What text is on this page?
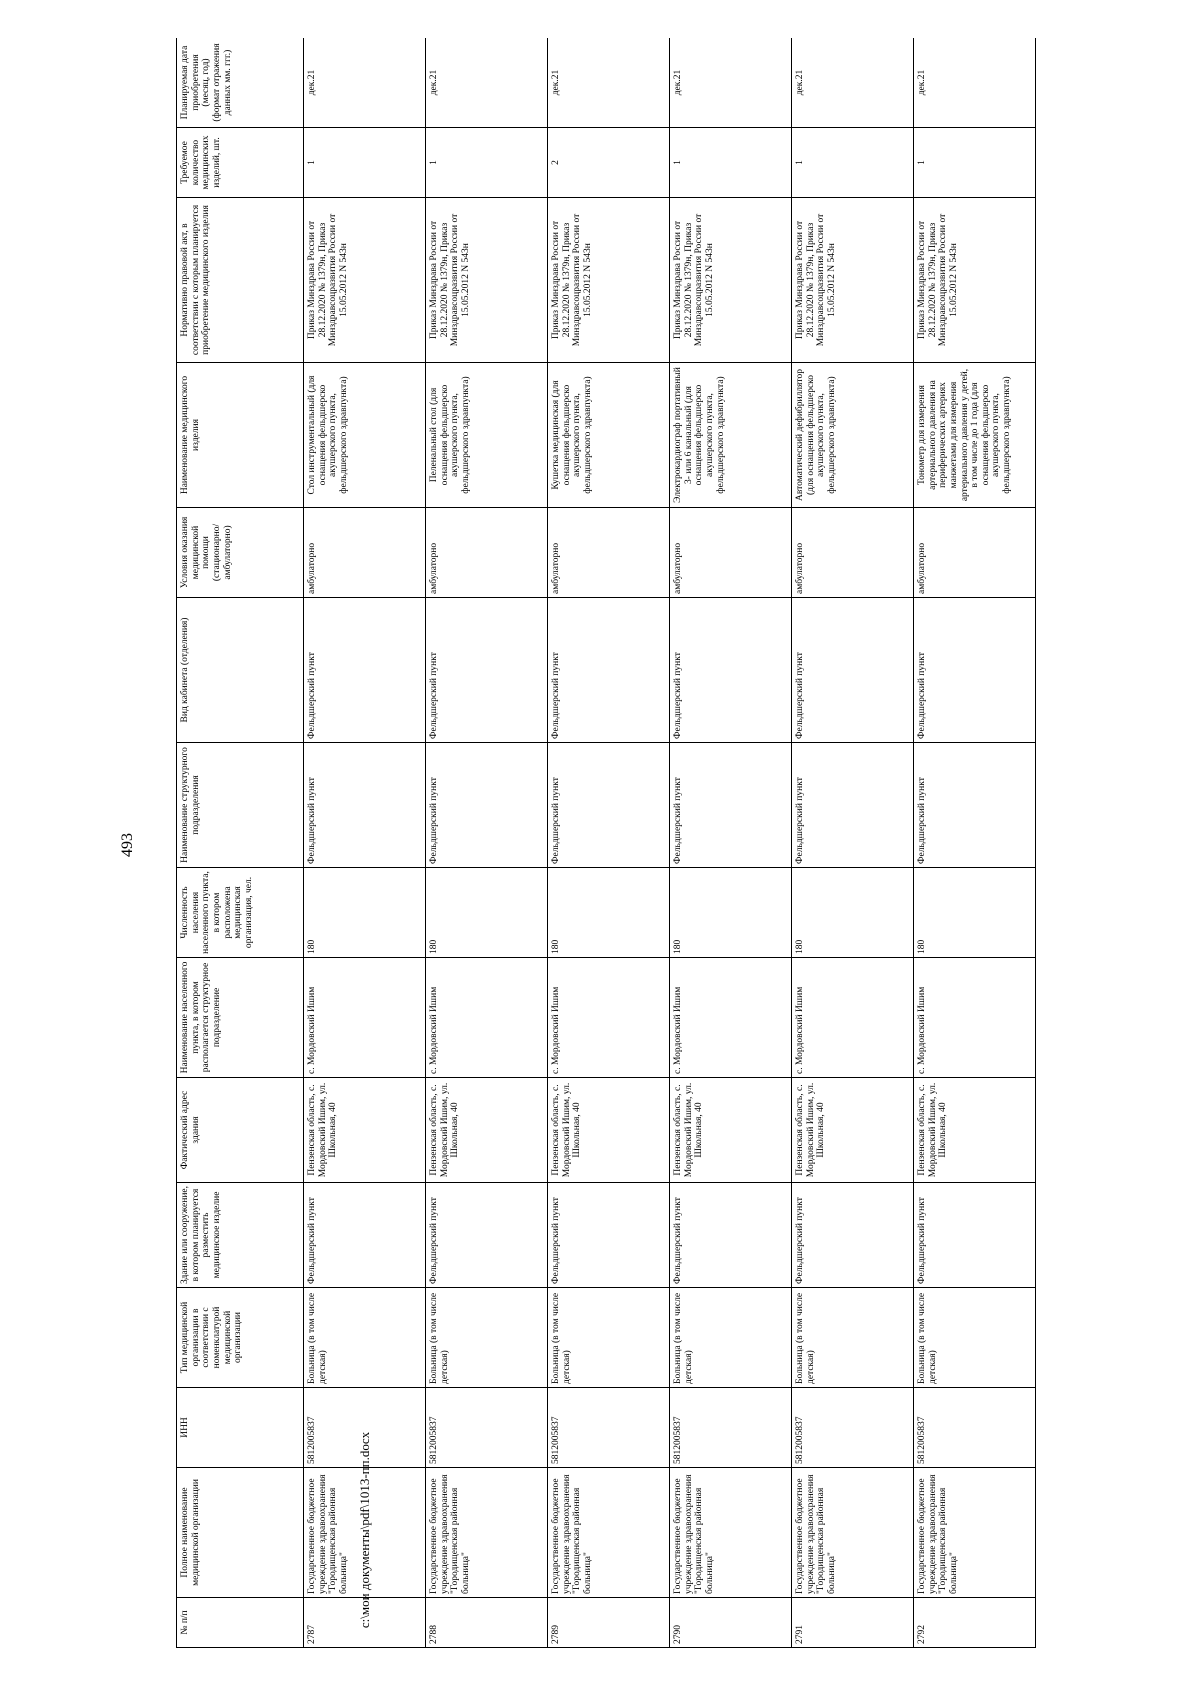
493
№ п/п	Полное наименование медицинской организации	ИНН	Тип медицинской организации в соответствии с номенклатурой медицинской организации	Здание или сооружение, в котором планируется разместить медицинское изделие	Фактический адрес здания	Наименование населенного пункта, в котором располагается структурное подразделение	Численность населения населенного пункта, в котором расположена медицинская организация, чел.	Наименование структурного подразделения	Вид кабинета (отделения)	Условия оказания медицинской помощи (стационарно/ амбулаторно)	Наименование медицинского изделия	Нормативно правовой акт, в соответствии с которым планируется приобретение медицинского изделия	Требуемое количество медицинских изделий, шт.	Планируемая дата приобретения (месяц, год) (формат отражения данных мм. ггг.)
2787	Государственное бюджетное учреждение здравоохранения "Городищенская районная больница"	5812005837	Больница (в том числе детская)	Фельдшерский пункт	Пензенская область, с. Мордовский Ишим, ул. Школьная, 40	с. Мордовский Ишим	180	Фельдшерский пункт	Фельдшерский пункт	амбулаторно	Стол инструментальный (для оснащения фельдшерско акушерского пункта, фельдшерского здравпункта)	Приказ Минздрава России от 28.12.2020 № 1379н, Приказ Минздравсоцразвития России от 15.05.2012 N 543н	1	дек.21
2788	Государственное бюджетное учреждение здравоохранения "Городищенская районная больница"	5812005837	Больница (в том числе детская)	Фельдшерский пункт	Пензенская область, с. Мордовский Ишим, ул. Школьная, 40	с. Мордовский Ишим	180	Фельдшерский пункт	Фельдшерский пункт	амбулаторно	Пеленальный стол (для оснащения фельдшерско акушерского пункта, фельдшерского здравпункта)	Приказ Минздрава России от 28.12.2020 № 1379н, Приказ Минздравсоцразвития России от 15.05.2012 N 543н	1	дек.21
2789	Государственное бюджетное учреждение здравоохранения "Городищенская районная больница"	5812005837	Больница (в том числе детская)	Фельдшерский пункт	Пензенская область, с. Мордовский Ишим, ул. Школьная, 40	с. Мордовский Ишим	180	Фельдшерский пункт	Фельдшерский пункт	амбулаторно	Кушетка медицинская (для оснащения фельдшерско акушерского пункта, фельдшерского здравпункта)	Приказ Минздрава России от 28.12.2020 № 1379н, Приказ Минздравсоцразвития России от 15.05.2012 N 543н	2	дек.21
2790	Государственное бюджетное учреждение здравоохранения "Городищенская районная больница"	5812005837	Больница (в том числе детская)	Фельдшерский пункт	Пензенская область, с. Мордовский Ишим, ул. Школьная, 40	с. Мордовский Ишим	180	Фельдшерский пункт	Фельдшерский пункт	амбулаторно	Электрокардиограф портативный 3- или 6 канальный (для оснащения фельдшерско акушерского пункта, фельдшерского здравпункта)	Приказ Минздрава России от 28.12.2020 № 1379н, Приказ Минздравсоцразвития России от 15.05.2012 N 543н	1	дек.21
2791	Государственное бюджетное учреждение здравоохранения "Городищенская районная больница"	5812005837	Больница (в том числе детская)	Фельдшерский пункт	Пензенская область, с. Мордовский Ишим, ул. Школьная, 40	с. Мордовский Ишим	180	Фельдшерский пункт	Фельдшерский пункт	амбулаторно	Автоматический дефибриллятор (для оснащения фельдшерско акушерского пункта, фельдшерского здравпункта)	Приказ Минздрава России от 28.12.2020 № 1379н, Приказ Минздравсоцразвития России от 15.05.2012 N 543н	1	дек.21
2792	Государственное бюджетное учреждение здравоохранения "Городищенская районная больница"	5812005837	Больница (в том числе детская)	Фельдшерский пункт	Пензенская область, с. Мордовский Ишим, ул. Школьная, 40	с. Мордовский Ишим	180	Фельдшерский пункт	Фельдшерский пункт	амбулаторно	Тонометр для измерения артериального давления на периферических артериях манжетами для измерения артериального давления у детей, в том числе до 1 года (для оснащения фельдшерско акушерского пункта, фельдшерского здравпункта)	Приказ Минздрава России от 28.12.2020 № 1379н, Приказ Минздравсоцразвития России от 15.05.2012 N 543н	1	дек.21
c:\мои документы\pdf\1013-пп.docx
